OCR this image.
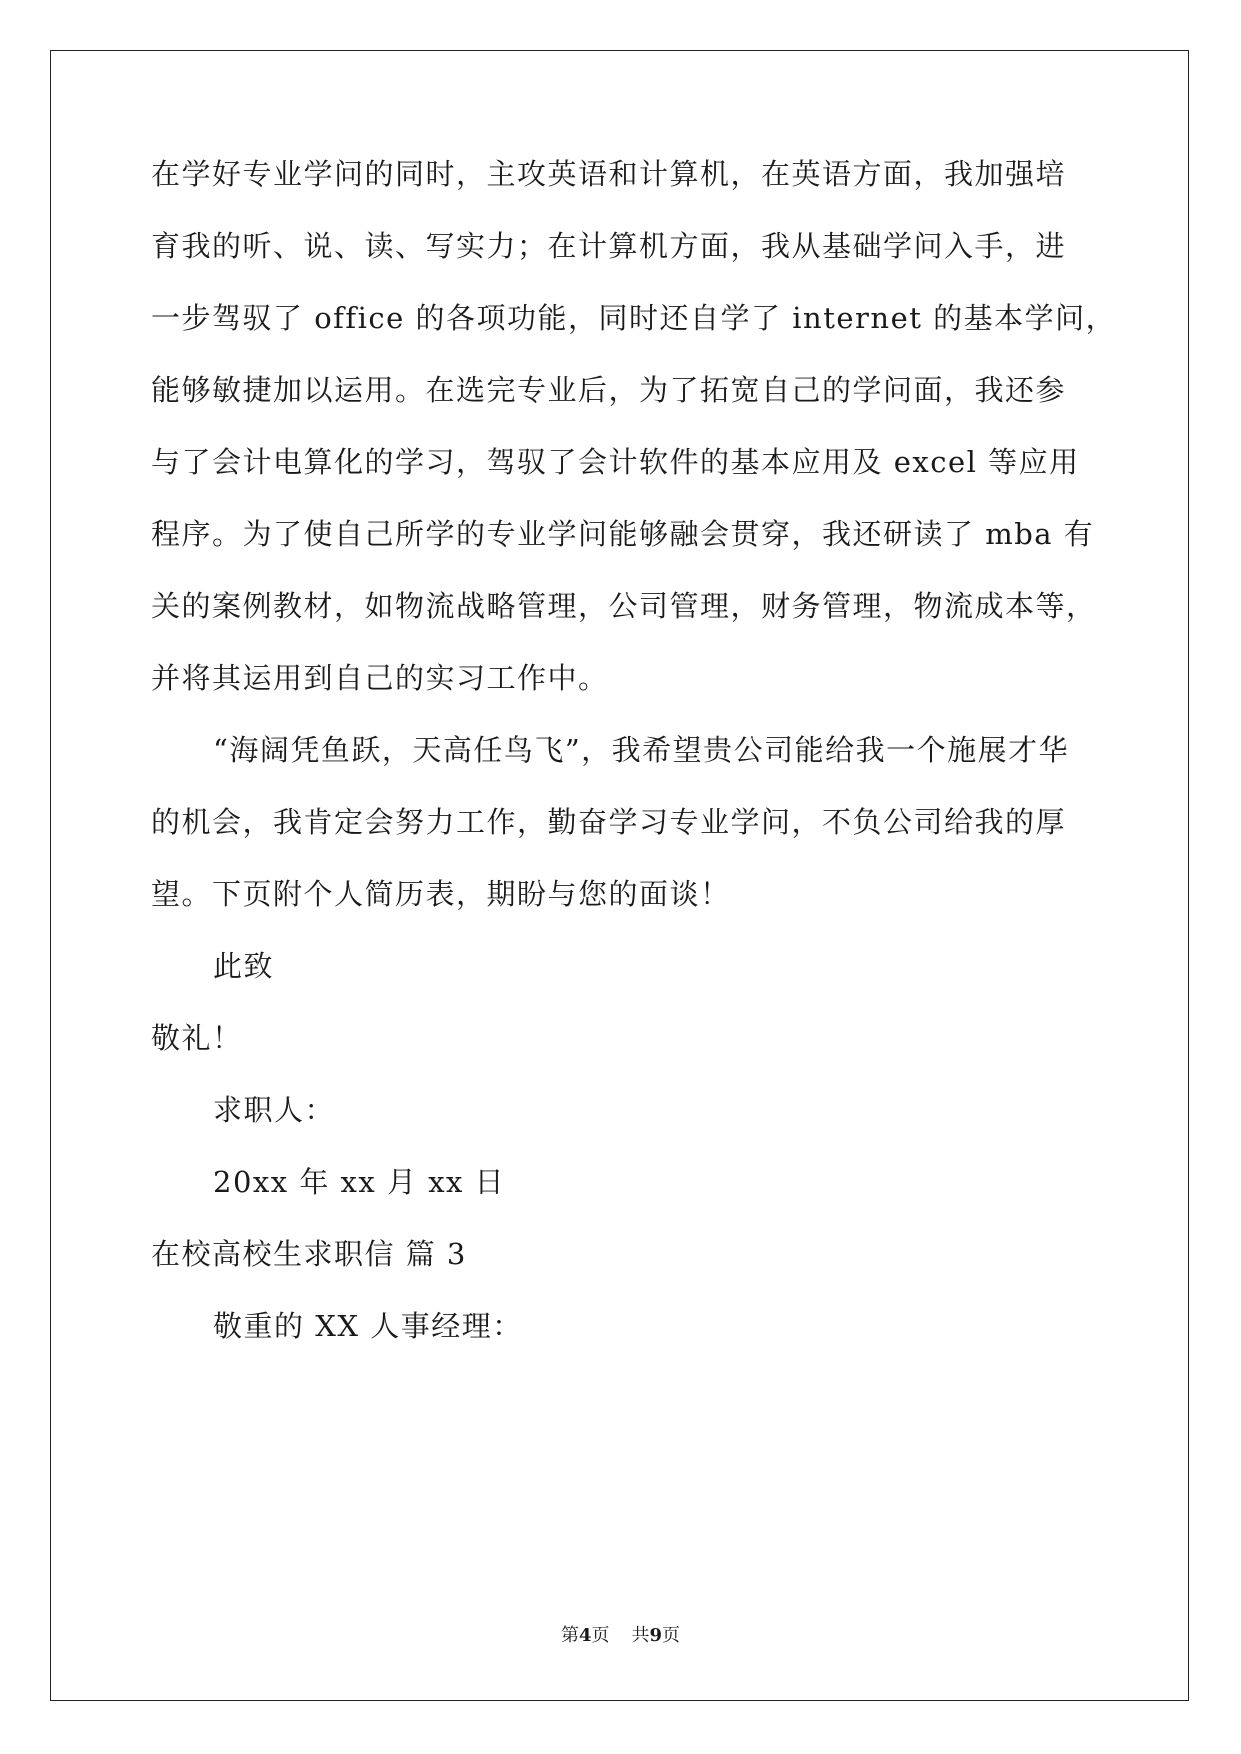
在学好专业学问的同时，主攻英语和计算机，在英语方面，我加强培
育我的听、说、读、写实力；在计算机方面，我从基础学问入手，进
一步驾驭了 office 的各项功能，同时还自学了 internet 的基本学问，
能够敏捷加以运用。在选完专业后，为了拓宽自己的学问面，我还参
与了会计电算化的学习，驾驭了会计软件的基本应用及 excel 等应用
程序。为了使自己所学的专业学问能够融会贯穿，我还研读了 mba 有
关的案例教材，如物流战略管理，公司管理，财务管理，物流成本等，
并将其运用到自己的实习工作中。
“海阔凭鱼跃，天高任鸟飞”，我希望贵公司能给我一个施展才华
的机会，我肯定会努力工作，勤奋学习专业学问，不负公司给我的厚
望。下页附个人简历表，期盼与您的面谈！
此致
敬礼！
求职人：
20xx 年 xx 月 xx 日
在校高校生求职信 篇 3
敬重的 XX 人事经理：
第4页 共9页
